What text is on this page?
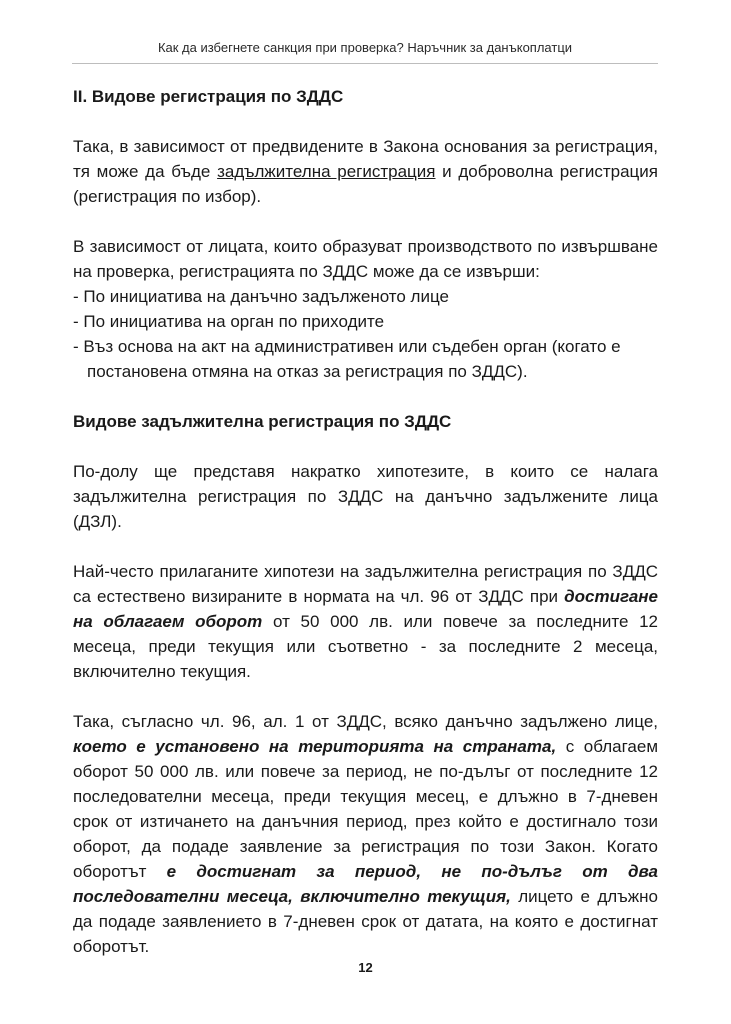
Как да избегнете санкция при проверка? Наръчник за данъкоплатци
II. Видове регистрация по ЗДДС

Така, в зависимост от предвидените в Закона основания за регистрация, тя може да бъде задължителна регистрация и доброволна регистрация (регистрация по избор).

В зависимост от лицата, които образуват производството по извършване на проверка, регистрацията по ЗДДС може да се извърши:

- По инициатива на данъчно задълженото лице
- По инициатива на орган по приходите
- Въз основа на акт на административен или съдебен орган (когато е постановена отмяна на отказ за регистрация по ЗДДС).
Видове задължителна регистрация по ЗДДС

По-долу ще представя накратко хипотезите, в които се налага задължителна регистрация по ЗДДС на данъчно задължените лица (ДЗЛ).

Най-често прилаганите хипотези на задължителна регистрация по ЗДДС са естествено визираните в нормата на чл. 96 от ЗДДС при достигане на облагаем оборот от 50 000 лв. или повече за последните 12 месеца, преди текущия или съответно - за последните 2 месеца, включително текущия.

Така, съгласно чл. 96, ал. 1 от ЗДДС, всяко данъчно задължено лице, което е установено на територията на страната, с облагаем оборот 50 000 лв. или повече за период, не по-дълъг от последните 12 последователни месеца, преди текущия месец, е длъжно в 7-дневен срок от изтичането на данъчния период, през който е достигнало този оборот, да подаде заявление за регистрация по този Закон. Когато оборотът е достигнат за период, не по-дълъг от два последователни месеца, включително текущия, лицето е длъжно да подаде заявлението в 7-дневен срок от датата, на която е достигнат оборотът.

12
